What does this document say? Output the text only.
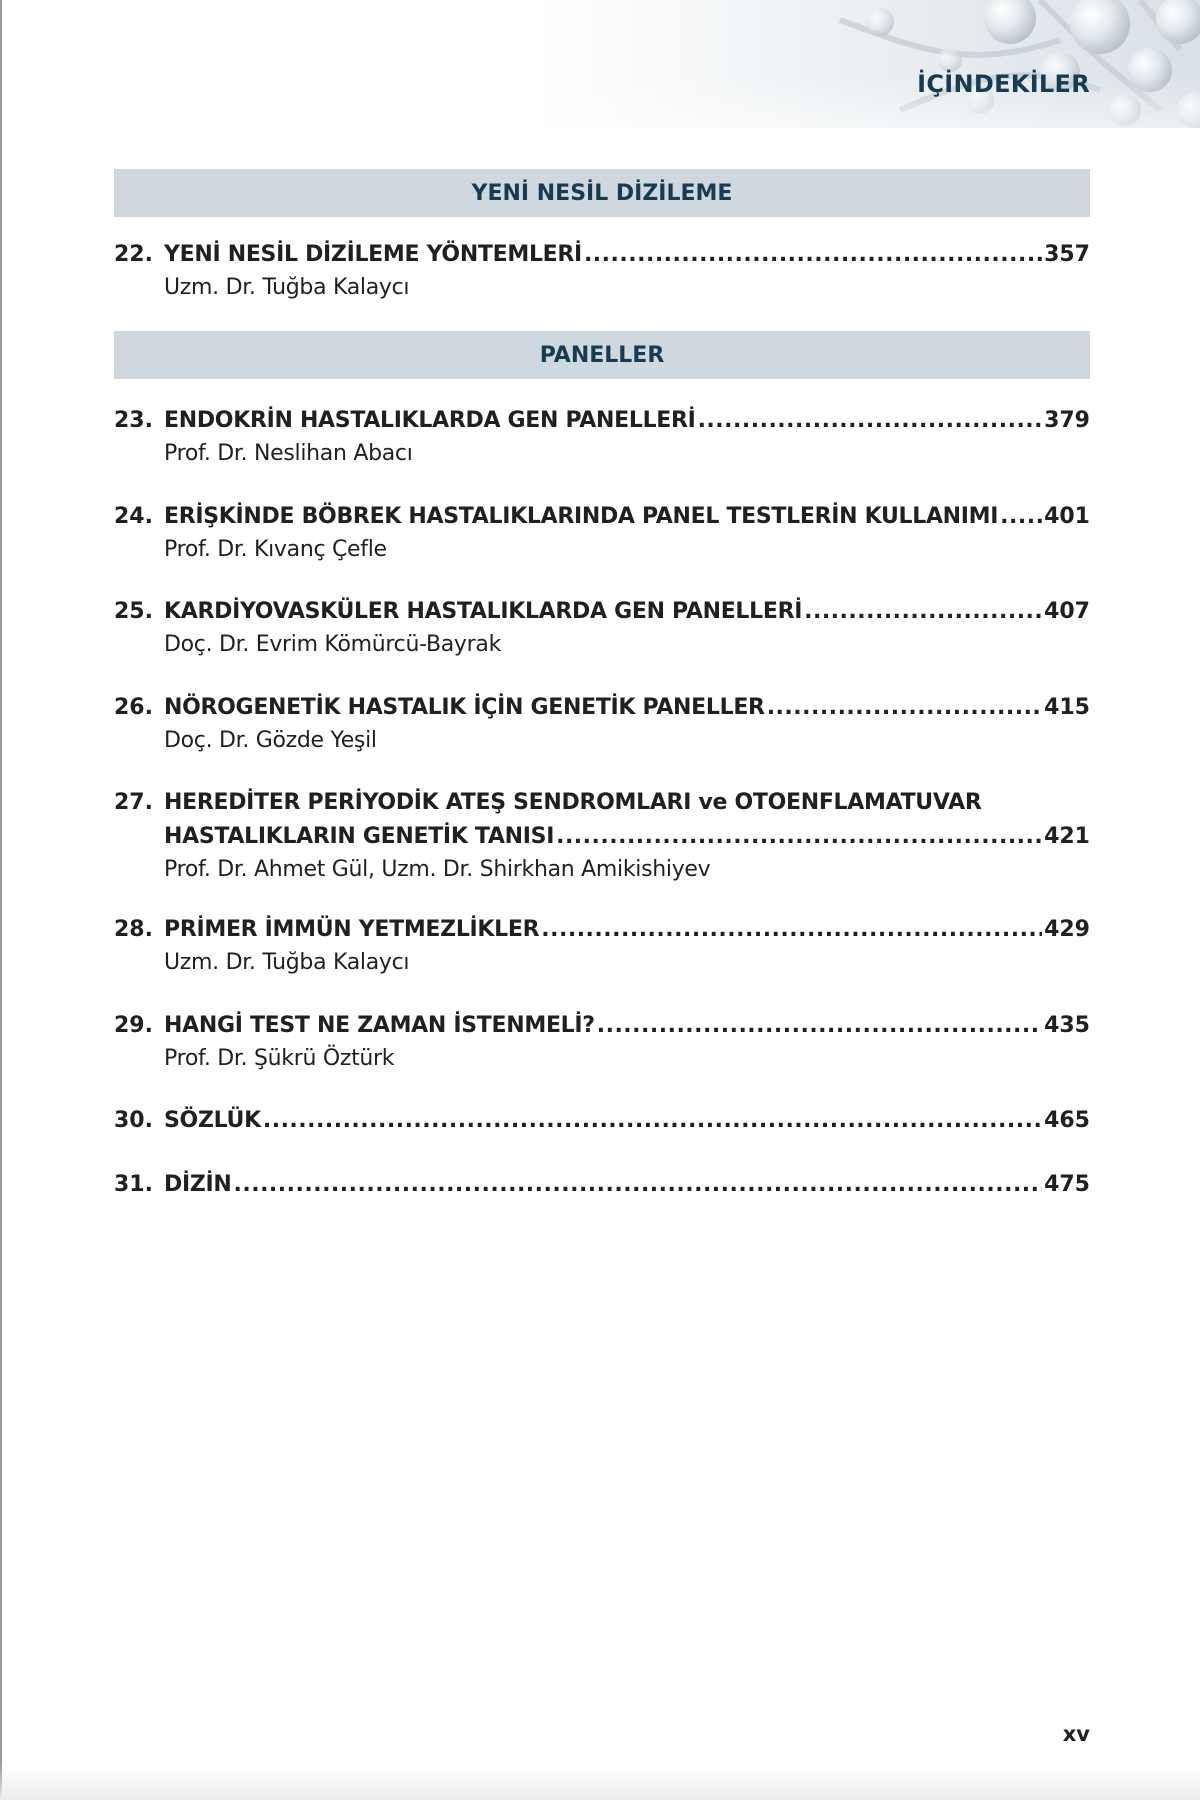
İÇİNDEKİLER
YENİ NESİL DİZİLEME
22. YENİ NESİL DİZİLEME YÖNTEMLERİ .....	357
Uzm. Dr. Tuğba Kalaycı
PANELLER
23. ENDOKRİN HASTALIKLARDA GEN PANELLERİ .....	379
Prof. Dr. Neslihan Abacı
24. ERİŞKİNDE BÖBREK HASTALIKLARINDA PANEL TESTLERİN KULLANIMI ..... 401
Prof. Dr. Kıvanç Çefle
25. KARDİYOVASKÜLER HASTALIKLARDA GEN PANELLERİ .....	407
Doç. Dr. Evrim Kömürcü-Bayrak
26. NÖROGENETİK HASTALIK İÇİN GENETİK PANELLER .....	415
Doç. Dr. Gözde Yeşil
27. HEREDİTER PERİYODİK ATEŞ SENDROMLARI ve OTOENFLAMATUVAR
HASTALIKLARIN GENETİK TANISI .....	421
Prof. Dr. Ahmet Gül, Uzm. Dr. Shirkhan Amikishiyev
28. PRİMER İMMÜN YETMEZLİKLER .....	429
Uzm. Dr. Tuğba Kalaycı
29. HANGİ TEST NE ZAMAN İSTENMELİ? .....	435
Prof. Dr. Şükrü Öztürk
30. SÖZLÜK .....	465
31. DİZİN .....	475
xv
